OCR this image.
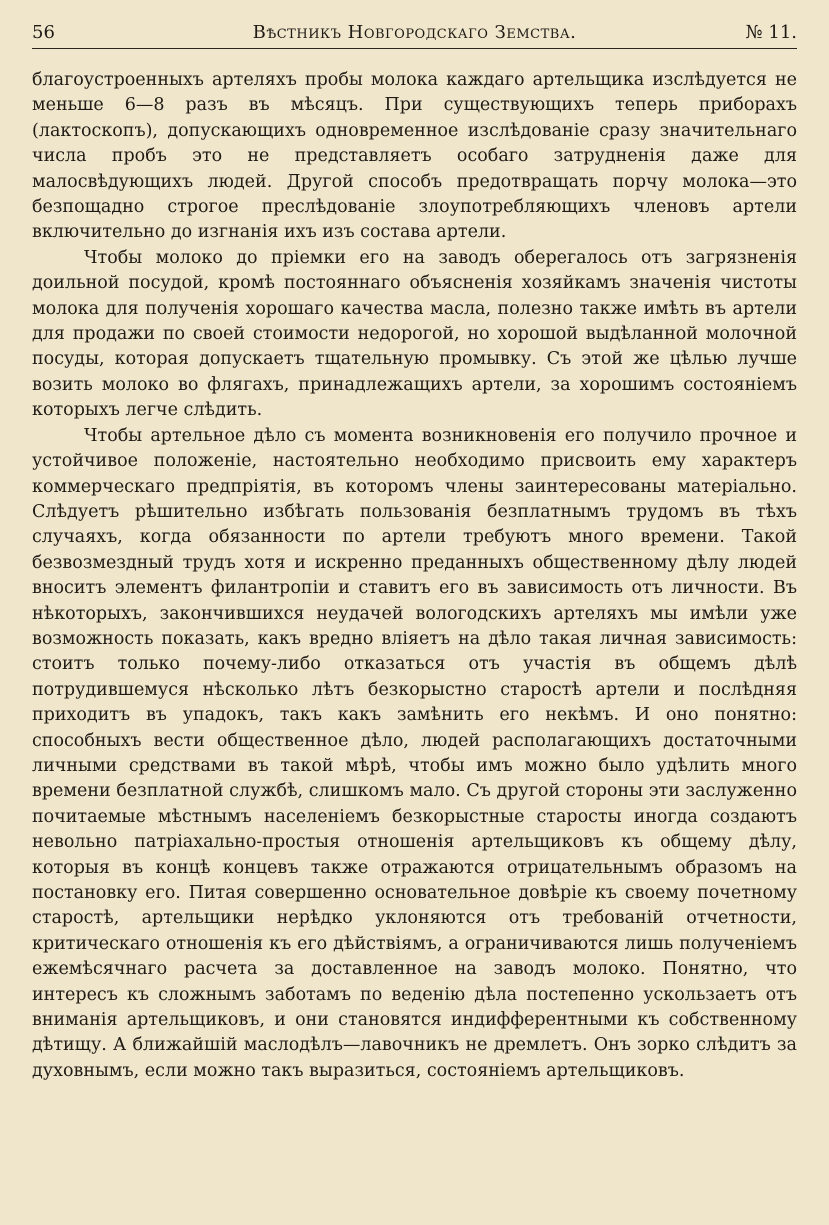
Вѣстникъ Новгородскаго Земства.
56	№ 11.

благоустроенныхъ артеляхъ пробы молока каждаго артельщика изслѣдуется не меньше 6—8 разъ въ мѣсяцъ. При существующихъ теперь приборахъ (лактоскопъ), допускающихъ одновременное изслѣдованіе сразу значительнаго числа пробъ это не представляетъ особаго затрудненія даже для малосвѣдующихъ людей. Другой способъ предотвращать порчу молока—это безпощадно строгое преслѣдованіе злоупотребляющихъ членовъ артели включительно до изгнанія ихъ изъ состава артели.

Чтобы молоко до пріемки его на заводъ оберегалось отъ загрязненія доильной посудой, кромѣ постояннаго объясненія хозяйкамъ значенія чистоты молока для полученія хорошаго качества масла, полезно также имѣть въ артели для продажи по своей стоимости недорогой, но хорошой выдѣланной молочной посуды, которая допускаетъ тщательную промывку. Съ этой же цѣлью лучше возить молоко во флягахъ, принадлежащихъ артели, за хорошимъ состояніемъ которыхъ легче слѣдить.

Чтобы артельное дѣло съ момента возникновенія его получило прочное и устойчивое положеніе, настоятельно необходимо присвоить ему характеръ коммерческаго предпріятія, въ которомъ члены заинтересованы матеріально. Слѣдуетъ рѣшительно избѣгать пользованія безплатнымъ трудомъ въ тѣхъ случаяхъ, когда обязанности по артели требуютъ много времени. Такой безвозмездный трудъ хотя и искренно преданныхъ общественному дѣлу людей вноситъ элементъ филантропіи и ставитъ его въ зависимость отъ личности. Въ нѣкоторыхъ, закончившихся неудачей вологодскихъ артеляхъ мы имѣли уже возможность показать, какъ вредно вліяетъ на дѣло такая личная зависимость: стоитъ только почему-либо отказаться отъ участія въ общемъ дѣлѣ потрудившемуся нѣсколько лѣтъ безкорыстно старостѣ артели и послѣдняя приходитъ въ упадокъ, такъ какъ замѣнить его некѣмъ. И оно понятно: способныхъ вести общественное дѣло, людей располагающихъ достаточными личными средствами въ такой мѣрѣ, чтобы имъ можно было удѣлить много времени безплатной службѣ, слишкомъ мало. Съ другой стороны эти заслуженно почитаемые мѣстнымъ населеніемъ безкорыстные старосты иногда создаютъ невольно патріахально-простыя отношенія артельщиковъ къ общему дѣлу, которыя въ концѣ концевъ также отражаются отрицательнымъ образомъ на постановку его. Питая совершенно основательное довѣріе къ своему почетному старостѣ, артельщики нерѣдко уклоняются отъ требованій отчетности, критическаго отношенія къ его дѣйствіямъ, а ограничиваются лишь полученіемъ ежемѣсячнаго расчета за доставленное на заводъ молоко. Понятно, что интересъ къ сложнымъ заботамъ по веденію дѣла постепенно ускользаетъ отъ вниманія артельщиковъ, и они становятся индифферентными къ собственному дѣтищу. А ближайшій маслодѣлъ—лавочникъ не дремлетъ. Онъ зорко слѣдитъ за духовнымъ, если можно такъ выразиться, состояніемъ артельщиковъ.
